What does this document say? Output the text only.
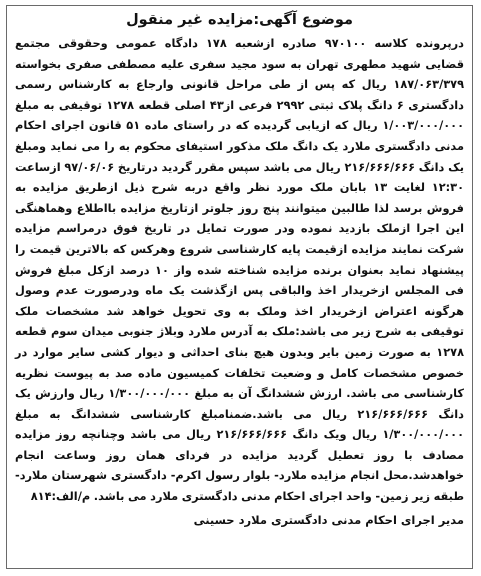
موضوع آگهی:مزایده غیر منقول

درپرونده کلاسه ۹۷۰۱۰۰ صادره ازشعبه ۱۷۸ دادگاه عمومی وحقوقی مجتمع قضایی شهید مطهری تهران به سود مجید سفری علیه مصطفی صفری بخواسته ۱۸۷/۰۶۳/۳۷۹ ریال که پس از طی مراحل قانونی وارجاع به کارشناس رسمی دادگستری ۶ دانگ پلاک ثبتی ۲۹۹۲ فرعی از۴۳ اصلی قطعه ۱۲۷۸ توقیفی به مبلغ ۱/۰۰۳/۰۰۰/۰۰۰ ریال که ازیابی گردیده که در راستای ماده ۵۱ قانون اجرای احکام مدنی دادگستری ملارد یک دانگ ملک مذکور استیفای محکوم به را می نماید ومبلغ یک دانگ ۲۱۶/۶۶۶/۶۶۶ ریال می باشد سپس مقرر گردید درتاریخ ۹۷/۰۶/۰۶ ازساعت ۱۲:۳۰ لغایت ۱۳ بابان ملک مورد نظر واقع دربه شرح ذیل ازطریق مزایده به فروش برسد لذا طالبین میتوانند پنج روز جلوتر ازتاریخ مزایده بااطلاع وهماهنگی این اجرا ازملک بازدید نموده ودر صورت تمایل در تاریخ فوق درمراسم مزایده شرکت نمایند مزایده ازقیمت پایه کارشناسی شروع وهرکس که بالاترین قیمت را پیشنهاد نماید بعنوان برنده مزایده شناخته شده واز ۱۰ درصد ازکل مبلغ فروش فی المجلس ازخریدار اخذ والباقی پس ازگذشت یک ماه ودرصورت عدم وصول هرگونه اعتراض ازخریدار اخذ وملک به وی تحویل خواهد شد مشخصات ملک توقیفی به شرح زیر می باشد:ملک به آدرس ملارد وبلاژ جنوبی میدان سوم قطعه ۱۲۷۸ به صورت زمین بایر وبدون هیچ بنای احداثی و دیوار کشی سایر موارد در خصوص مشخصات کامل و وضعیت تخلفات کمیسیون ماده صد به پیوست نظریه کارشناسی می باشد. ارزش ششدانگ آن به مبلغ ۱/۳۰۰/۰۰۰/۰۰۰ ریال وارزش یک دانگ ۲۱۶/۶۶۶/۶۶۶ ریال می باشد.ضمنامبلغ کارشناسی ششدانگ به مبلغ ۱/۳۰۰/۰۰۰/۰۰۰ ریال ویک دانگ ۲۱۶/۶۶۶/۶۶۶ ریال می باشد وچنانچه روز مزایده مصادف با روز تعطیل گردید مزایده در فردای همان روز وساعت انجام خواهدشد.محل انجام مزایده ملارد- بلوار رسول اکرم- دادگستری شهرستان ملارد- طبقه زیر زمین- واحد اجرای احکام مدنی دادگستری ملارد می باشد. م/الف:۸۱۴

مدیر اجرای احکام مدنی دادگستری ملارد حسینی
